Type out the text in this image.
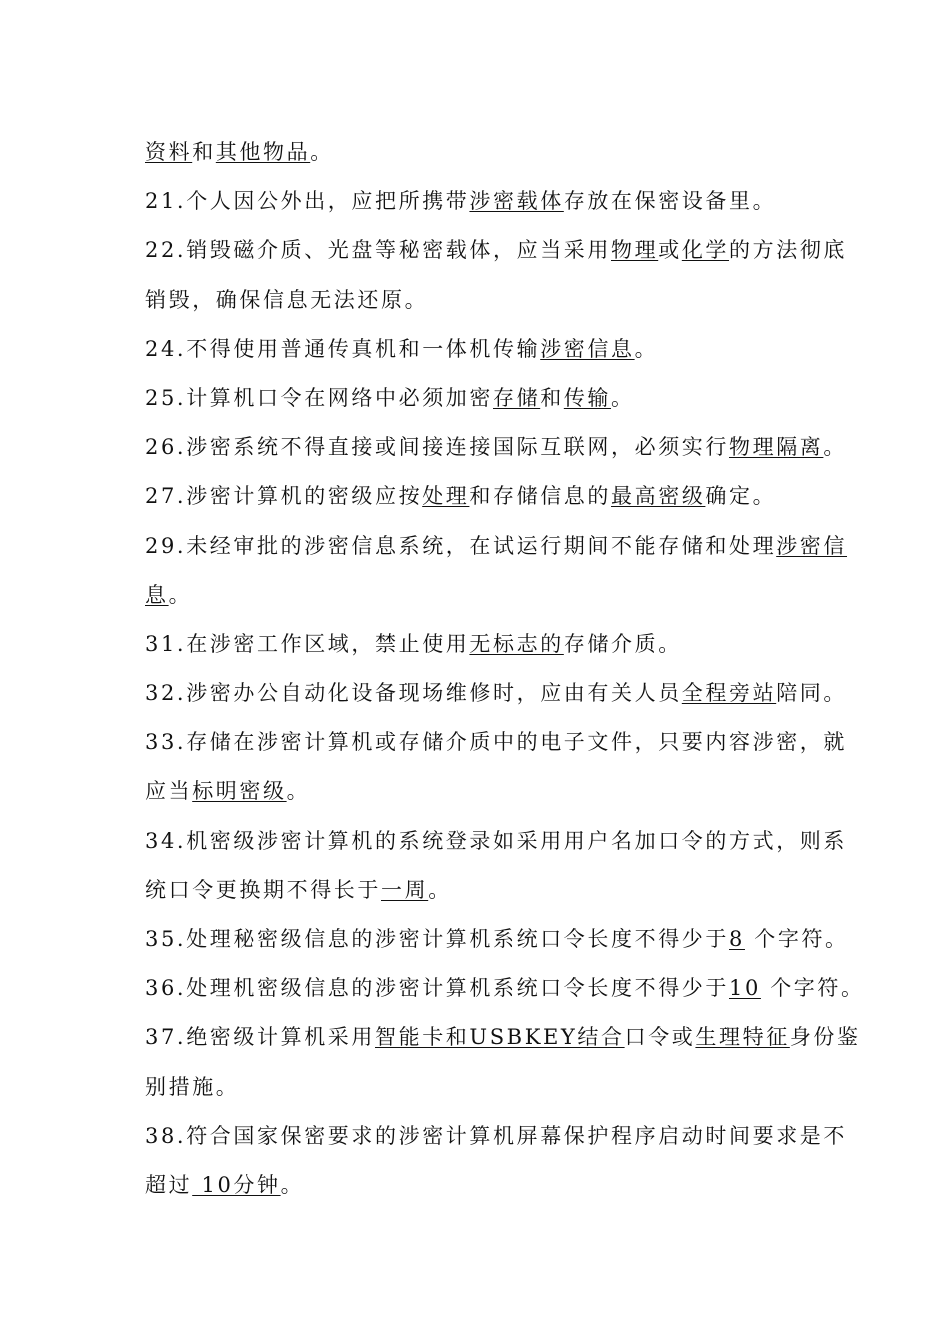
资料和其他物品。
21.个人因公外出，应把所携带涉密载体存放在保密设备里。
22.销毁磁介质、光盘等秘密载体，应当采用物理或化学的方法彻底
销毁，确保信息无法还原。
24.不得使用普通传真机和一体机传输涉密信息。
25.计算机口令在网络中必须加密存储和传输。
26.涉密系统不得直接或间接连接国际互联网，必须实行物理隔离。
27.涉密计算机的密级应按处理和存储信息的最高密级确定。
29.未经审批的涉密信息系统，在试运行期间不能存储和处理涉密信
息。
31.在涉密工作区域，禁止使用无标志的存储介质。
32.涉密办公自动化设备现场维修时，应由有关人员全程旁站陪同。
33.存储在涉密计算机或存储介质中的电子文件，只要内容涉密，就
应当标明密级。
34.机密级涉密计算机的系统登录如采用用户名加口令的方式，则系
统口令更换期不得长于一周。
35.处理秘密级信息的涉密计算机系统口令长度不得少于8 个字符。
36.处理机密级信息的涉密计算机系统口令长度不得少于10 个字符。
37.绝密级计算机采用智能卡和USBKEY结合口令或生理特征身份鉴
别措施。
38.符合国家保密要求的涉密计算机屏幕保护程序启动时间要求是不
超过 10分钟。
